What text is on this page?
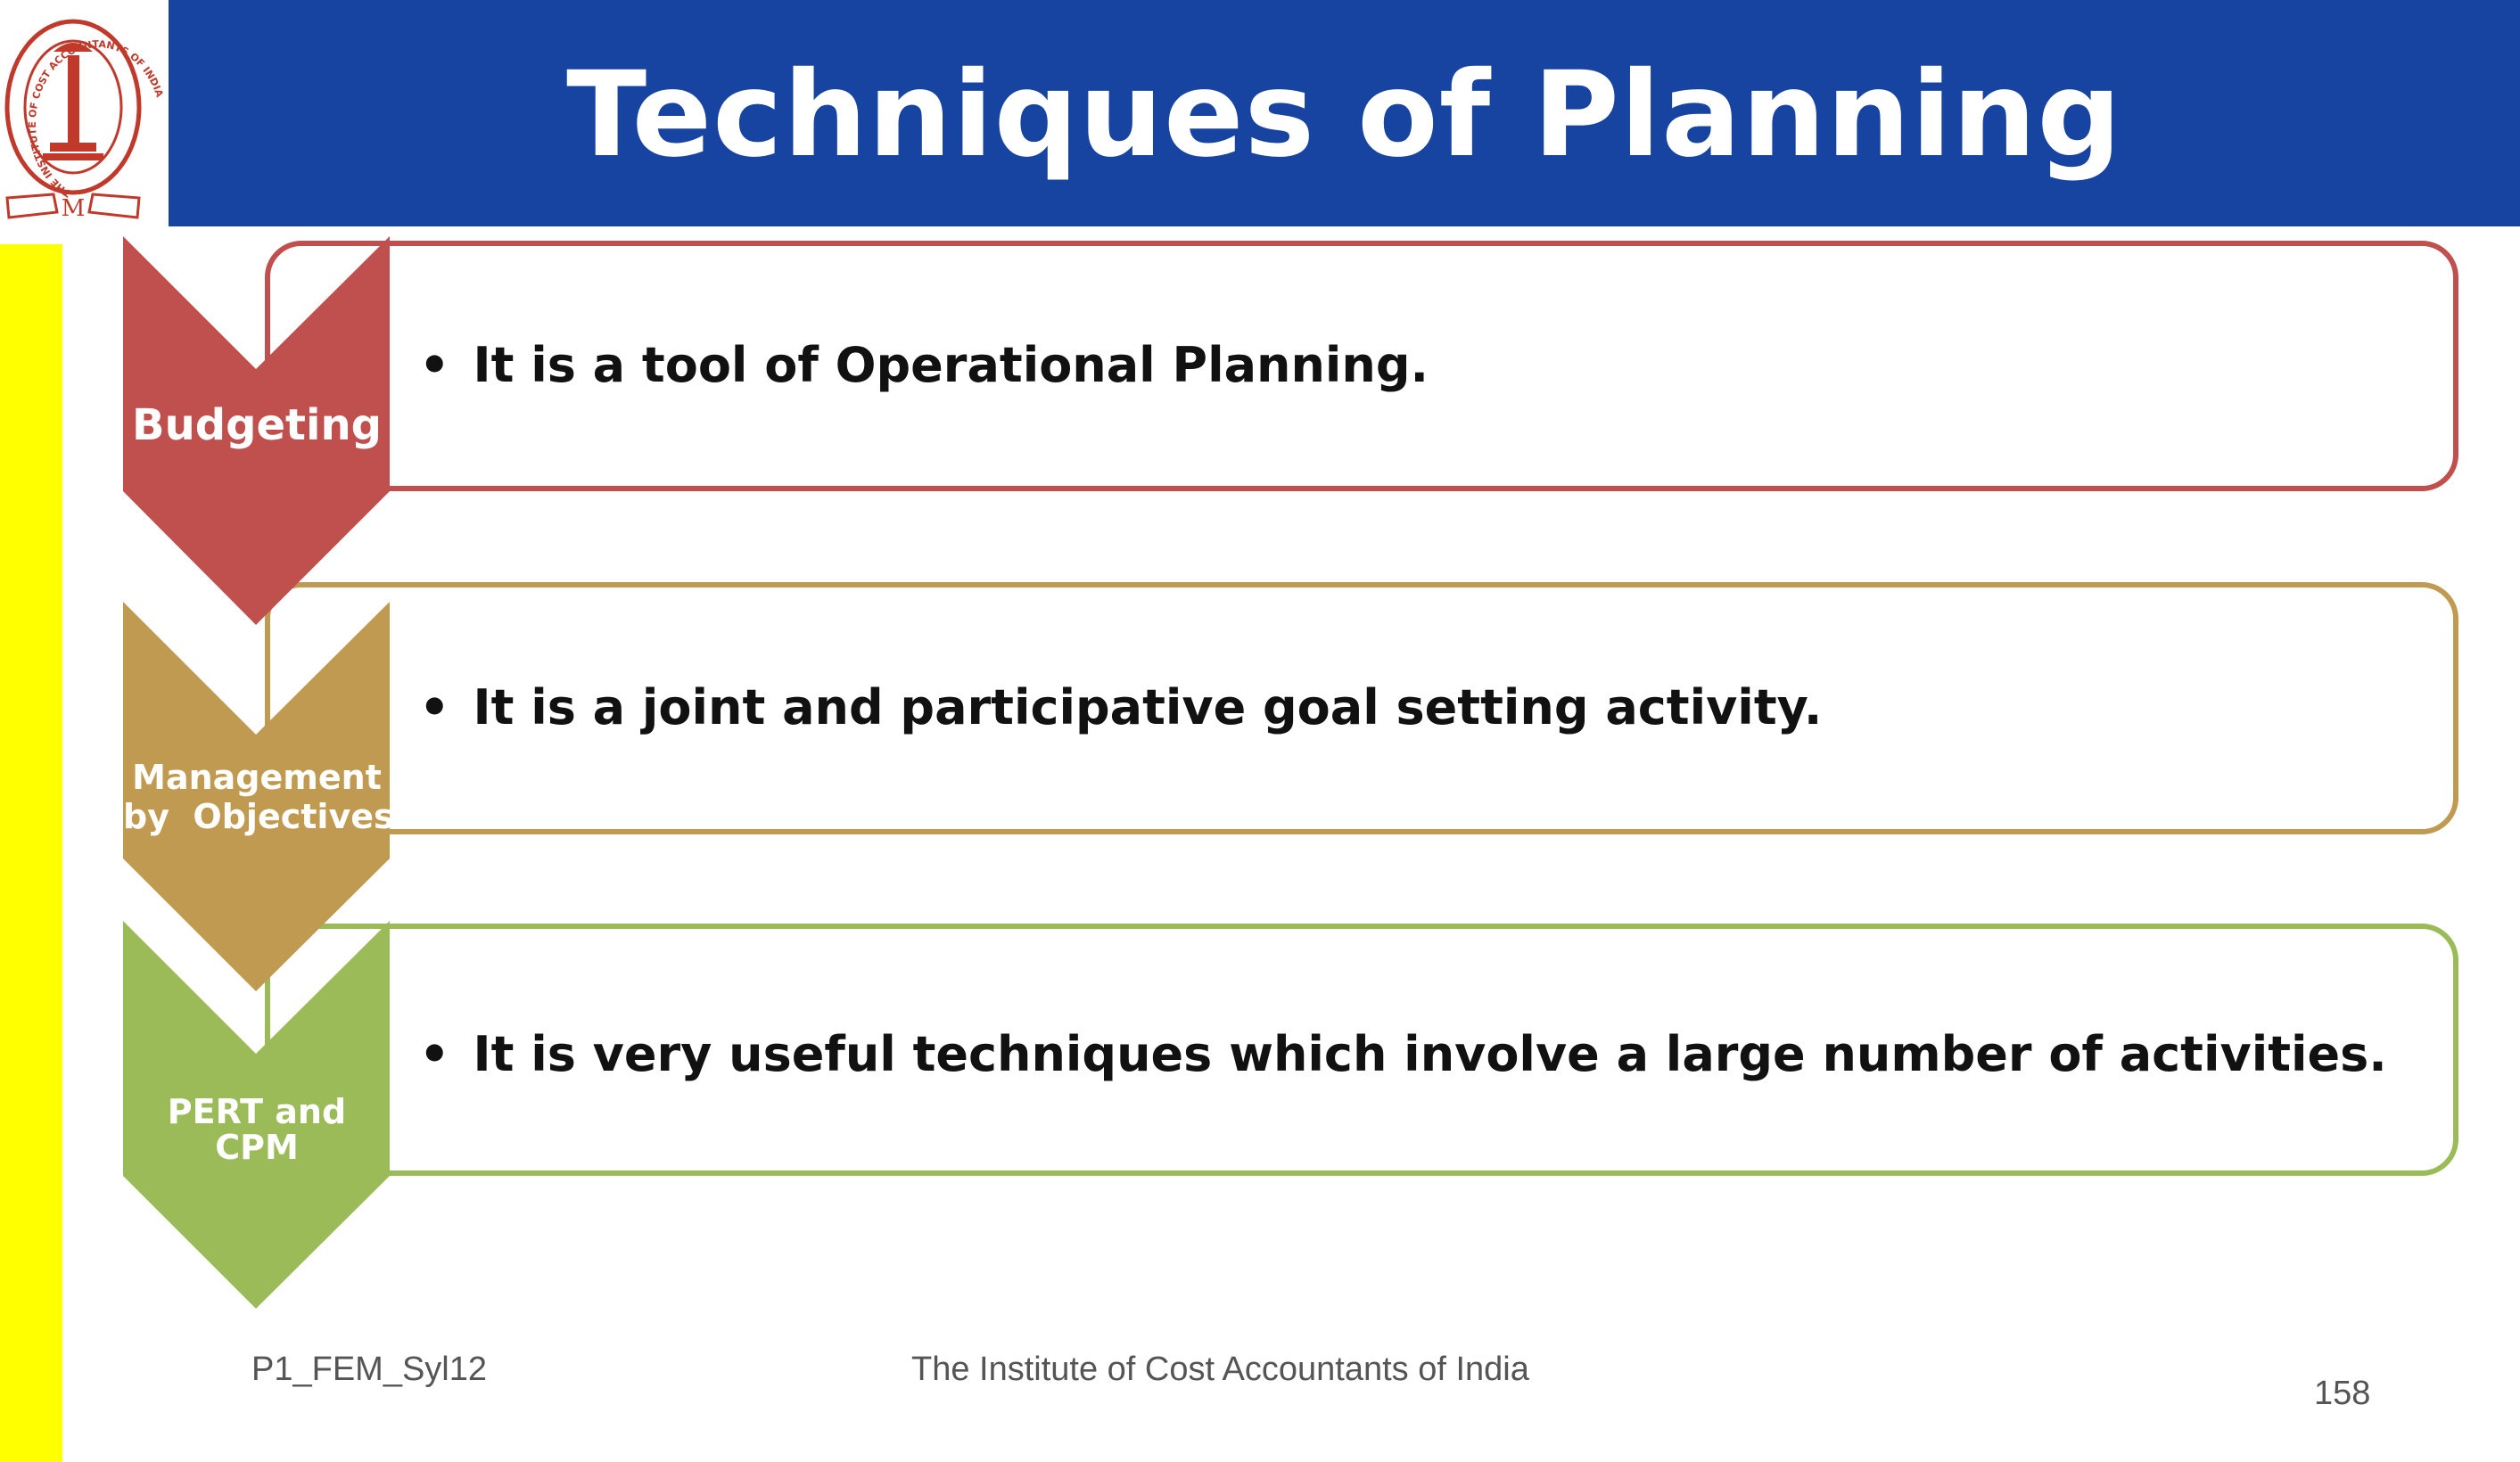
Techniques of Planning
M
THE INSTITUTE OF COST ACCOUNTANTS OF INDIA
Budgeting
Management
by  Objectives
PERT and CPM
• It is a tool of Operational Planning.
• It is a joint and participative goal setting activity.
• It is very useful techniques which involve a large number of activities.
P1_FEM_Syl12	The Institute of Cost Accountants of India
158
